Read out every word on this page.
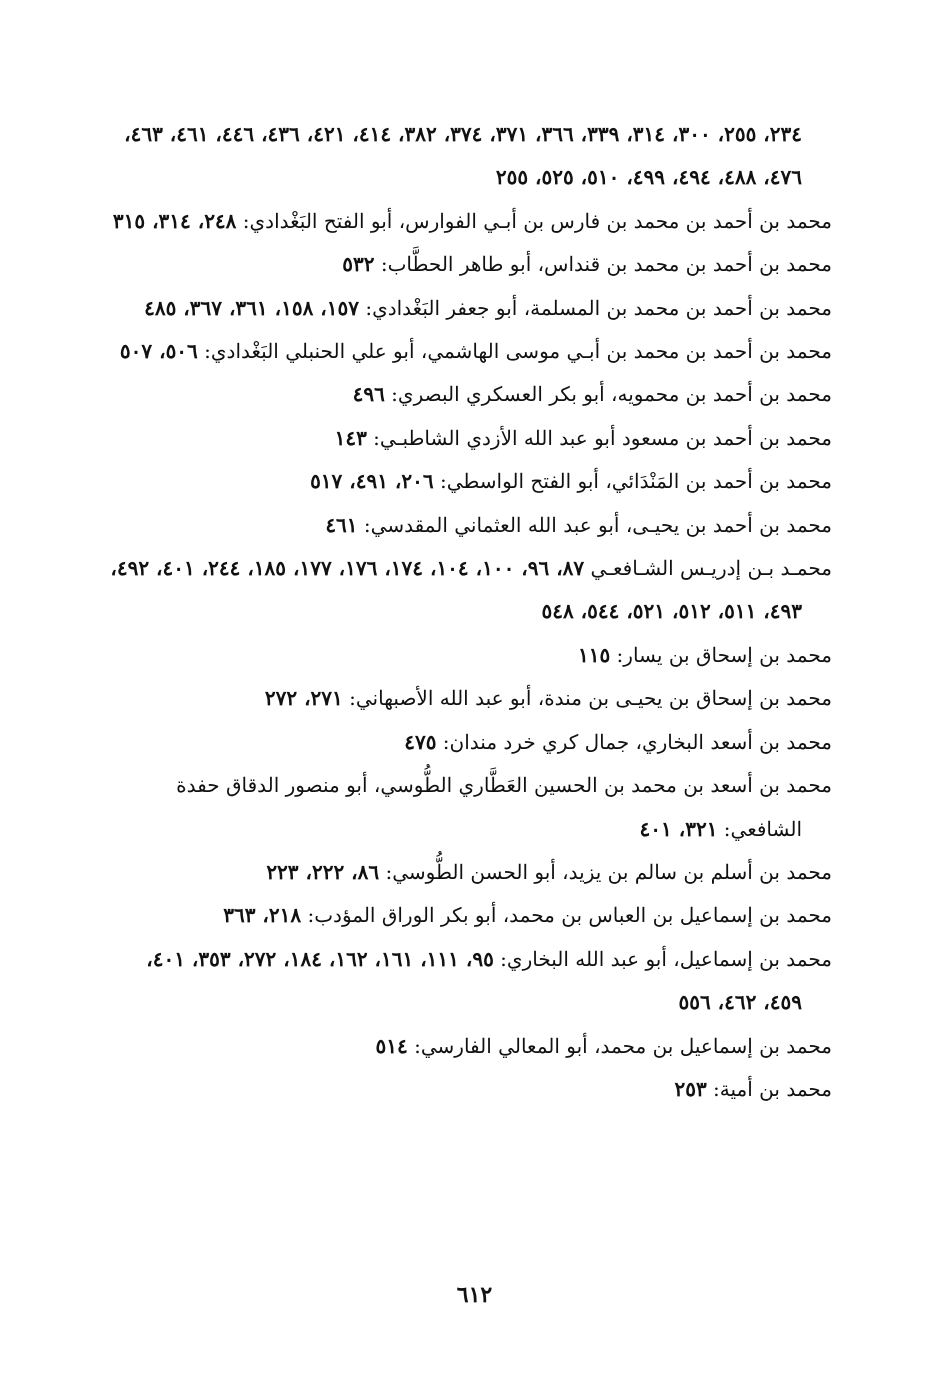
٢٣٤، ٢٥٥، ٣٠٠، ٣١٤، ٣٣٩، ٣٦٦، ٣٧١، ٣٧٤، ٣٨٢، ٤١٤، ٤٢١، ٤٣٦، ٤٤٦، ٤٦١، ٤٦٣، ٤٧٦، ٤٨٨، ٤٩٤، ٤٩٩، ٥١٠، ٥٢٥، ٢٥٥

محمد بن أحمد بن محمد بن فارس بن أبـي الفوارس، أبو الفتح البَغْدادي: ٢٤٨، ٣١٤، ٣١٥

محمد بن أحمد بن محمد بن قنداس، أبو طاهر الحطَّاب: ٥٣٢

محمد بن أحمد بن محمد بن المسلمة، أبو جعفر البَغْدادي: ١٥٧، ١٥٨، ٣٦١، ٣٦٧، ٤٨٥

محمد بن أحمد بن محمد بن أبـي موسى الهاشمي، أبو علي الحنبلي البَغْدادي: ٥٠٦، ٥٠٧

محمد بن أحمد بن محمويه، أبو بكر العسكري البصري: ٤٩٦

محمد بن أحمد بن مسعود أبو عبد الله الأزدي الشاطبـي: ١٤٣

محمد بن أحمد بن المَنْدَائي، أبو الفتح الواسطي: ٢٠٦، ٤٩١، ٥١٧

محمد بن أحمد بن يحيـى، أبو عبد الله العثماني المقدسي: ٤٦١

محمـد بـن إدريـس الشـافعـي ٨٧، ٩٦، ١٠٠، ١٠٤، ١٧٤، ١٧٦، ١٧٧، ١٨٥، ٢٤٤، ٤٠١، ٤٩٢، ٤٩٣، ٥١١، ٥١٢، ٥٢١، ٥٤٤، ٥٤٨

محمد بن إسحاق بن يسار: ١١٥

محمد بن إسحاق بن يحيـى بن مندة، أبو عبد الله الأصبهاني: ٢٧١، ٢٧٢

محمد بن أسعد البخاري، جمال كري خرد مندان: ٤٧٥

محمد بن أسعد بن محمد بن الحسين العَطَّاري الطُّوسي، أبو منصور الدقاق حفدة الشافعي: ٣٢١، ٤٠١

محمد بن أسلم بن سالم بن يزيد، أبو الحسن الطُّوسي: ٨٦، ٢٢٢، ٢٢٣

محمد بن إسماعيل بن العباس بن محمد، أبو بكر الوراق المؤدب: ٢١٨، ٣٦٣

محمد بن إسماعيل، أبو عبد الله البخاري: ٩٥، ١١١، ١٦١، ١٦٢، ١٨٤، ٢٧٢، ٣٥٣، ٤٠١، ٤٥٩، ٤٦٢، ٥٥٦

محمد بن إسماعيل بن محمد، أبو المعالي الفارسي: ٥١٤

محمد بن أمية: ٢٥٣

٦١٢
